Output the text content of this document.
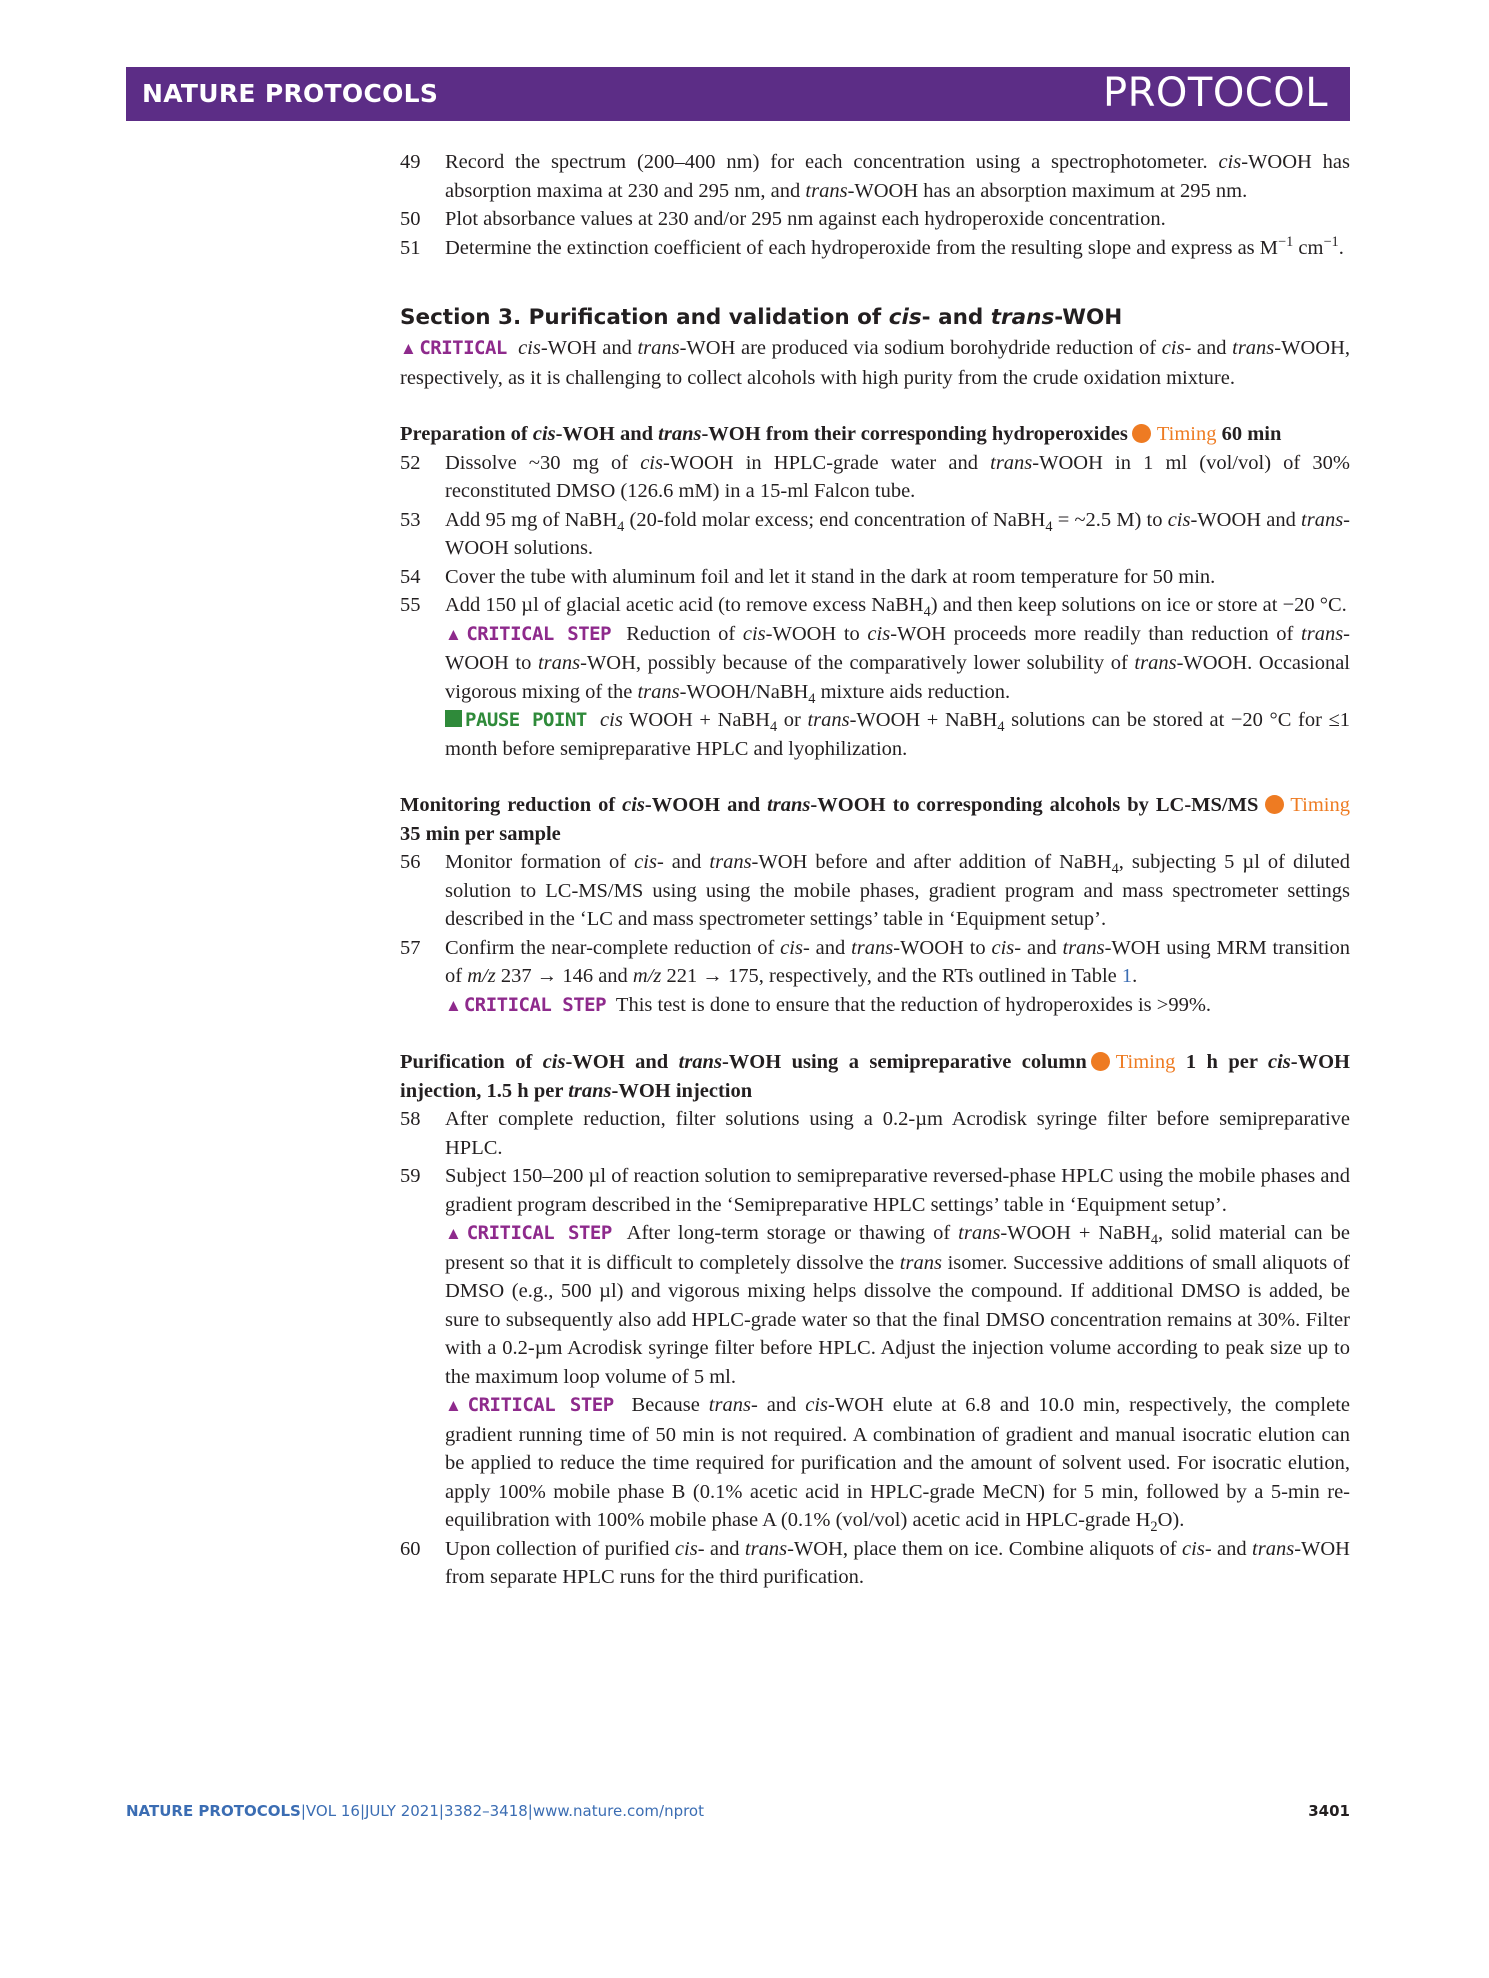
NATURE PROTOCOLS	PROTOCOL
49 Record the spectrum (200–400 nm) for each concentration using a spectrophotometer. cis-WOOH has absorption maxima at 230 and 295 nm, and trans-WOOH has an absorption maximum at 295 nm.
50 Plot absorbance values at 230 and/or 295 nm against each hydroperoxide concentration.
51 Determine the extinction coefficient of each hydroperoxide from the resulting slope and express as $M^{-1}$ $cm^{-1}$.
Section 3. Purification and validation of cis- and trans-WOH
▲ CRITICAL cis-WOH and trans-WOH are produced via sodium borohydride reduction of cis- and trans-WOOH, respectively, as it is challenging to collect alcohols with high purity from the crude oxidation mixture.
Preparation of cis-WOH and trans-WOH from their corresponding hydroperoxides Timing 60 min
52 Dissolve ~30 mg of cis-WOOH in HPLC-grade water and trans-WOOH in 1 ml (vol/vol) of 30% reconstituted DMSO (126.6 mM) in a 15-ml Falcon tube.
53 Add 95 mg of NaBH$_4$ (20-fold molar excess; end concentration of NaBH$_4$ = ~2.5 M) to cis-WOOH and trans-WOOH solutions.
54 Cover the tube with aluminum foil and let it stand in the dark at room temperature for 50 min.
55 Add 150 µl of glacial acetic acid (to remove excess NaBH$_4$) and then keep solutions on ice or store at −20 °C.
▲ CRITICAL STEP  Reduction of cis-WOOH to cis-WOH proceeds more readily than reduction of trans-WOOH to trans-WOH, possibly because of the comparatively lower solubility of trans-WOOH. Occasional vigorous mixing of the trans-WOOH/NaBH$_4$ mixture aids reduction.
PAUSE POINT cis WOOH + NaBH$_4$ or trans-WOOH + NaBH$_4$ solutions can be stored at −20 °C for ≤1 month before semipreparative HPLC and lyophilization.
Monitoring reduction of cis-WOOH and trans-WOOH to corresponding alcohols by LC-MS/MS Timing 35 min per sample
56 Monitor formation of cis- and trans-WOH before and after addition of NaBH$_4$, subjecting 5 µl of diluted solution to LC-MS/MS using using the mobile phases, gradient program and mass spectrometer settings described in the ‘LC and mass spectrometer settings’ table in ‘Equipment setup’.
57 Confirm the near-complete reduction of cis- and trans-WOOH to cis- and trans-WOH using MRM transition of m/z 237 → 146 and m/z 221 → 175, respectively, and the RTs outlined in Table 1.
▲ CRITICAL STEP  This test is done to ensure that the reduction of hydroperoxides is >99%.
Purification of cis-WOH and trans-WOH using a semipreparative column Timing 1 h per cis-WOH injection, 1.5 h per trans-WOH injection
58 After complete reduction, filter solutions using a 0.2-µm Acrodisk syringe filter before semipreparative HPLC.
59 Subject 150–200 µl of reaction solution to semipreparative reversed-phase HPLC using the mobile phases and gradient program described in the ‘Semipreparative HPLC settings’ table in ‘Equipment setup’.
▲ CRITICAL STEP  After long-term storage or thawing of trans-WOOH + NaBH$_4$, solid material can be present so that it is difficult to completely dissolve the trans isomer. Successive additions of small aliquots of DMSO (e.g., 500 µl) and vigorous mixing helps dissolve the compound. If additional DMSO is added, be sure to subsequently also add HPLC-grade water so that the final DMSO concentration remains at 30%. Filter with a 0.2-µm Acrodisk syringe filter before HPLC. Adjust the injection volume according to peak size up to the maximum loop volume of 5 ml.
▲ CRITICAL STEP  Because trans- and cis-WOH elute at 6.8 and 10.0 min, respectively, the complete gradient running time of 50 min is not required. A combination of gradient and manual isocratic elution can be applied to reduce the time required for purification and the amount of solvent used. For isocratic elution, apply 100% mobile phase B (0.1% acetic acid in HPLC-grade MeCN) for 5 min, followed by a 5-min re-equilibration with 100% mobile phase A (0.1% (vol/vol) acetic acid in HPLC-grade $H_2O$).
60 Upon collection of purified cis- and trans-WOH, place them on ice. Combine aliquots of cis- and trans-WOH from separate HPLC runs for the third purification.
NATURE PROTOCOLS|VOL 16|JULY 2021|3382–3418|www.nature.com/nprot	3401
